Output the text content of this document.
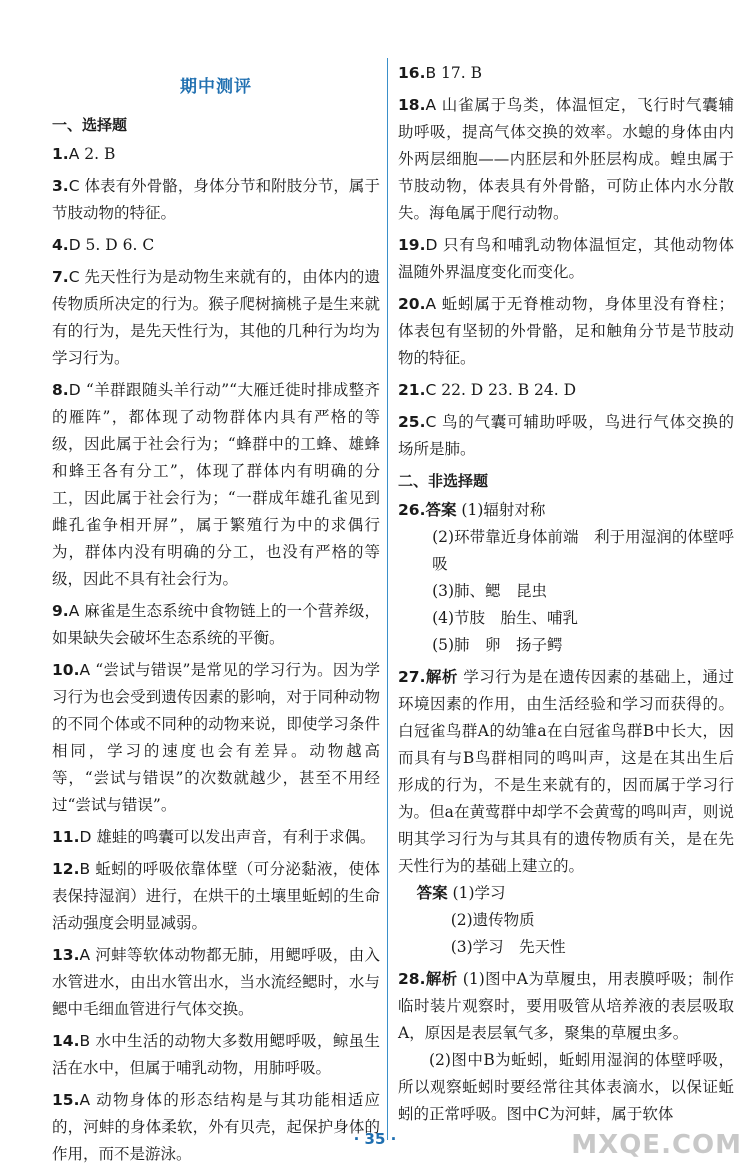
期中测评
一、选择题
1.A 2. B
3.C 体表有外骨骼，身体分节和附肢分节，属于节肢动物的特征。
4.D 5. D 6. C
7.C 先天性行为是动物生来就有的，由体内的遗传物质所决定的行为。猴子爬树摘桃子是生来就有的行为，是先天性行为，其他的几种行为均为学习行为。
8.D “羊群跟随头羊行动”“大雁迁徙时排成整齐的雁阵”，都体现了动物群体内具有严格的等级，因此属于社会行为；“蜂群中的工蜂、雄蜂和蜂王各有分工”，体现了群体内有明确的分工，因此属于社会行为；“一群成年雄孔雀见到雌孔雀争相开屏”，属于繁殖行为中的求偶行为，群体内没有明确的分工，也没有严格的等级，因此不具有社会行为。
9.A 麻雀是生态系统中食物链上的一个营养级，如果缺失会破坏生态系统的平衡。
10.A “尝试与错误”是常见的学习行为。因为学习行为也会受到遗传因素的影响，对于同种动物的不同个体或不同种的动物来说，即使学习条件相同，学习的速度也会有差异。动物越高等，“尝试与错误”的次数就越少，甚至不用经过“尝试与错误”。
11.D 雄蛙的鸣囊可以发出声音，有利于求偶。
12.B 蚯蚓的呼吸依靠体壁（可分泌黏液，使体表保持湿润）进行，在烘干的土壤里蚯蚓的生命活动强度会明显减弱。
13.A 河蚌等软体动物都无肺，用鳃呼吸，由入水管进水，由出水管出水，当水流经鳃时，水与鳃中毛细血管进行气体交换。
14.B 水中生活的动物大多数用鳃呼吸，鲸虽生活在水中，但属于哺乳动物，用肺呼吸。
15.A 动物身体的形态结构是与其功能相适应的，河蚌的身体柔软，外有贝壳，起保护身体的作用，而不是游泳。
16.B 17. B
18.A 山雀属于鸟类，体温恒定，飞行时气囊辅助呼吸，提高气体交换的效率。水螅的身体由内外两层细胞——内胚层和外胚层构成。蝗虫属于节肢动物，体表具有外骨骼，可防止体内水分散失。海龟属于爬行动物。
19.D 只有鸟和哺乳动物体温恒定，其他动物体温随外界温度变化而变化。
20.A 蚯蚓属于无脊椎动物，身体里没有脊柱；体表包有坚韧的外骨骼，足和触角分节是节肢动物的特征。
21.C 22. D 23. B 24. D
25.C 鸟的气囊可辅助呼吸，鸟进行气体交换的场所是肺。
二、非选择题

26.答案 (1)辐射对称

(2)环带靠近身体前端　利于用湿润的体壁呼吸

(3)肺、鳃　昆虫

(4)节肢　胎生、哺乳

(5)肺　卵　扬子鳄

27.解析 学习行为是在遗传因素的基础上，通过环境因素的作用，由生活经验和学习而获得的。白冠雀鸟群A的幼雏a在白冠雀鸟群B中长大，因而具有与B鸟群相同的鸣叫声，这是在其出生后形成的行为，不是生来就有的，因而属于学习行为。但a在黄莺群中却学不会黄莺的鸣叫声，则说明其学习行为与其具有的遗传物质有关，是在先天性行为的基础上建立的。

答案 (1)学习

(2)遗传物质

(3)学习　先天性

28.解析 (1)图中A为草履虫，用表膜呼吸；制作临时装片观察时，要用吸管从培养液的表层吸取A，原因是表层氧气多，聚集的草履虫多。

(2)图中B为蚯蚓，蚯蚓用湿润的体壁呼吸，所以观察蚯蚓时要经常往其体表滴水，以保证蚯蚓的正常呼吸。图中C为河蚌，属于软体

· 35 ·	MXQE.COM
